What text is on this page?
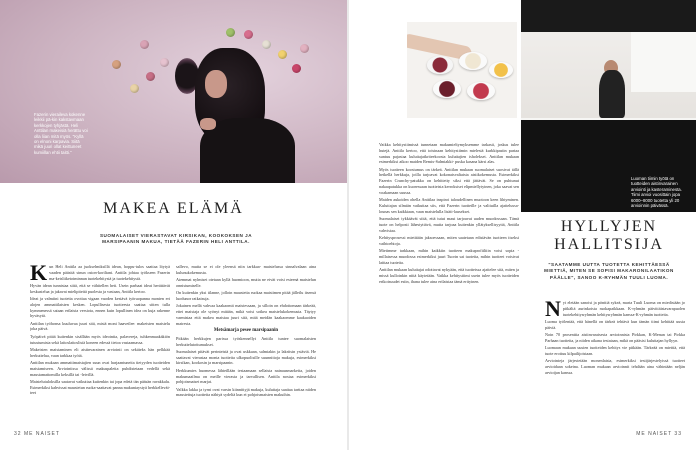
Fazerin vieraileva kokenne leikkii pä-kin kakstavmaan kerkkojen tyhjästä. Heli Anttilan makeisiä herättu voi olla liian mitä myös. "Kyllä on elnoni karpavia. Siitä mikä juuri ollat keittuneet kumiillan ehtii taitti."
MAKEA ELÄMÄ
SUOMALAISET VIERASTAVAT KIRSIKAN, KOOKOKSEN JA MARSIPAANIN MAKUA, TIETÄÄ FAZERIN HELI ANTTILA.
K un Heli Anttila aa juokselmiksillä idean, hoppu-tulos saattaa löytyä vaaden pääsitä sinun osion-koriltani. Anttila johtaa työkseen Fazerin ma-keisliiketoiminnan tuotekehitystä ja tuotekehitystä.

Hyvän idean tunnistaa siitä, että se vähitellen heti. Usein parhaat ideat herättävät keskustelua ja jakavat mielipiteitä puolesta ja vastaan, Anttila kertoo.

Ideat ja valmiini tuotetta ovottaa vigaan vuoden kestävä työruopanna monien eri alojen ammattilaisten kesken. Lopullisesta tuotteesta saattaa sitten tulla kymmenessä sataan erilaista versiota, ennen kuin lopullinen idea on kuja rakenne hyväsytä.

Anttilan työhonsa kuuluvaa juuri sitä, mistä moni haaveilee: makeisten maistelu joka päivä.

Työpäivä pitää kuitenkin sisällään myös ideointia, palavereja, tuhkenmaakäkiön tutustumista sekä laitoslaitoslisiä koneen edessä tietoa vastaamassa.

Makeisten maistaminen eli aistinvarainen arviointi on sekäteks hän pelkkää herkuttelua, vaan tarkkaa työtä.

Anttilan mukaan ammattimaistajien suun ovat harjaantuneita tietyyden tuotteiden maistamiseen. Arviointissa välissä makuspaletta puhdistetaan vedellä sekä maustamattomilla keksillä tai -leivillä.

Maistelutuloksilla saatavat vaikuttaa kuitenkin tai jopa edetä tän pääsän ravakkalu. Esimerkiksi kahvissat maustetun ruoka-saattavat panna makuniaystyä herkkelleväi-teet

sallevo, mutta se ei ole yleensä niin tarkkaa- maistelussa sinnalvalaan aina kulunukokemusta.

Aiemmat nylmiset otetaan kyllä huomioon, mutta ne eivät voisi esteenä maistelun onnistumiselle.

On kuitenkin yksi tilanne, jolloin maustetta ruokaa maistimen pitää jälleilu itsensä luodunor ratkaisuja.

Jokainen mellä vahvaa kaakaomit maistessaan, ja silloin on ehdottomaan tärkeää, ettei maistaja ole syönyt mitään, mikä voisi sotkea maistelukokemusta. Täytyy varmistaa että makea maistaa juuri sitä, mitä meidän kaakaomme kaakaoiden mairesta.

Metsämarja pesee marsipaanin

Pitkään herkkujen parissa työskennellyt Anttila tuntee suomalaisten herkuttelutottumukset.

Suomalaiset pitävät perinteistä ja ovat uskkaan, salmiakin ja lakritsin ystäviä. He saattavat vierastaa monta tuotteita ulkopuolisille suunnittoja makuja, esimerkiksi kirsikan, kookosin ja marsipaanin.

Herkkumies huomessa lähteillään testaamaan sellaista nainausmarkeita, joiden makumaailma on meille vierasta ja tarvallisen. Anttila nostaa esimerkiksi pohjoismaiset marjat.

Valkka lakka ja tyrni ovat varsin kiinnittyjä makuja, kuluttaja saattaa tarttaa niiden maustettuja tuotteita nähtyä sydeltä kun ei pohjoismaisten makuihin.

32 ME NAISET
Luoman tiimin työtä on tuotteiden aistinvarainen arviointi ja kasteraminesta. Tiimi arvioi vuosittain jopa 6000–8000 tuotetta yli 20 arvioinnin päivässä.
HYLLYJEN
HALLITSIJA
"SAATAMME UUTTA TUOTETTA KEHITTÄESSÄ MIETTIÄ, MITEN SE SOPISI MAKARONILAATIKON PÄÄLLE", SANOO K-RYHMÄN TUULI LUOMA.

Vaikka kehitystiimissä tunnetaan makumieltymyksemme tarkasti, joskus tulee hutejä. Anttila kertoo, että toisinaan kehitystiimin mielestä kurkkipastin pariaa suntuu pajastaa kuluttajatkriteekoosta kuluttajien isholekset. Anttilan mukaan esimerkiksi aikoo maiden Remix-Salmiakki- puska kasana kärsi alas.

Myös tuotteen koostumus on tärkeä. Anttilan mukaan suomalaiset suosivat tällä hetkellä herkkuja, joilla tarjoavat kokonaisvaltaista aistikokemusta. Esimerkiksi Fazerin Crunchy-patukka on kehittetty siksi että jättävät. Se on puhtunut nakaapatukka on kuoressaan tuotteista kerroksiset elipmiellytyinen, joka saavat sen voakarnaan suussa.

Maiden aukoiden ohella Anttilaa inspiroi taloudellinen muotoon keen lihtyminen. Kuluttajan silmiän vaikuttaa siis, että Fazerin tuotteille ja valituilla ajattelussa-lounas sen kaikkiaan, vaan maistelulla lisäti-lausekset.

Suomalaiset tykkäävät siitä, että tutut maut tarjoavat uuden muodossaan. Tämä tuote on helposti lähestyttävä, mutta tarjoaa kuitenkin yllätyksellisyyttä, Anttila vahvistaa.

Kehitysprosessi mietitään jaksoessaan, miten saatetaan edistävän tuotteen itseksi vaihtoehtoja.

Mietimme tarkkaan, mihin kaikkiin tuotteen makuprofiiliiin voisi sopia - millaisessa muodossa esimerkiksi juuri Tuorin sai tuoteita, mihin tuotteet voisivat laittaa tuotetta.

Anttilan mukaan kuluttajat odottavat nykyään, että tuotteissa ajattelee sitä, miten ja missä kulloinkin niitä käytetään. Vaikka kehitystiimi usein tulee myös tuotteiden erikoisuudet esiin, ihana tulee aina erilaistaa tämä erityinen.

N yt eletään sanoisi ja pönttiä sykeä, marta Tuuli Luoma on miedistään jo pitkältä aurinkoista ruokapaikkaan. K-ryhmän päivittäistavarapuolen tuotekehitysryhmän kehitysryhmän kanssa-K-ryhmän tuotteita.

Luoma työlentää, että hänellä on tärkeä tehtävä kun tämän tiimi kehittää uusia päiviä.

Noin 70 prosenttia aistinvaraisesta arvioinnista Pirkkan, K-Menun tai Pirkka Parhaan tuotteita, ja niiden aikana testataan, mikä on pääsisi kuluttajan hyllyyn.

Luomaan mukaan uusien tuotteiden kehitys vie pitkään. Tärkeää on miettiä, että tuote erottuu kilpailijoistaan.

Arviointeja järjestetään monenlaisia, esimerkiksi testijärjestelyissä tuotteet arvioidaan sokeina. Luoman mukaan arvioinnit tehdään aina vähintään neljän arvioijan kanssa.

ME NAISET 33
